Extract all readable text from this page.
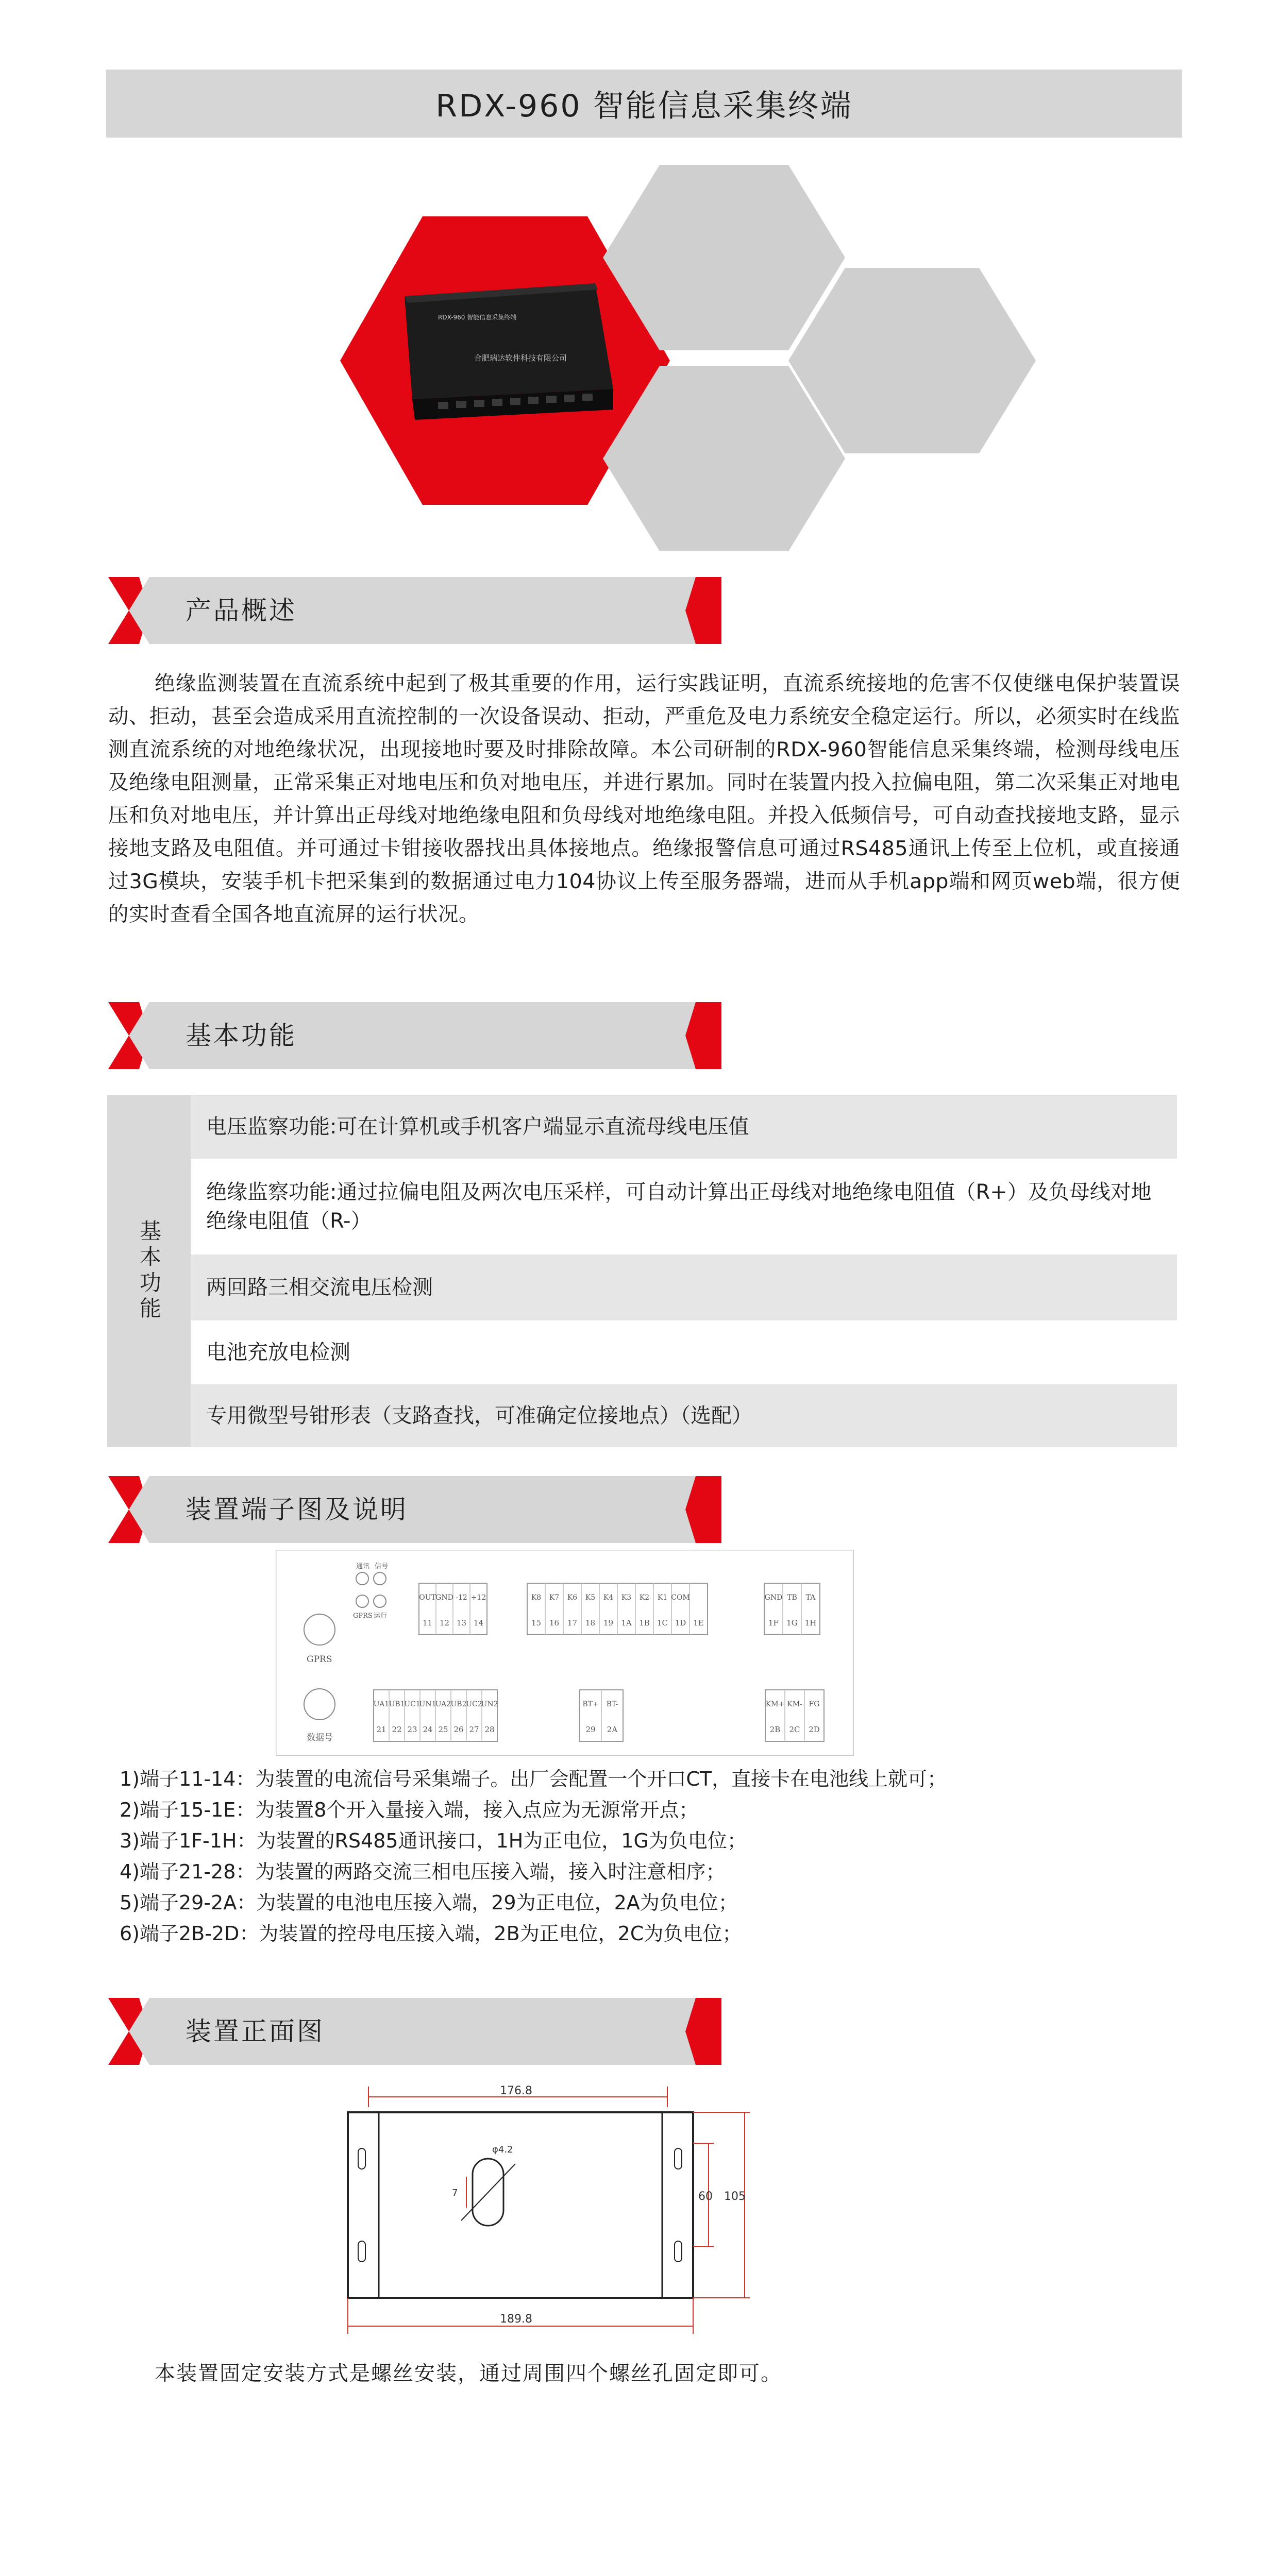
RDX-960 智能信息采集终端
RDX-960 智能信息采集终端
合肥瑞达软件科技有限公司
产品概述

绝缘监测装置在直流系统中起到了极其重要的作用，运行实践证明，直流系统接地的危害不仅使继电保护装置误动、拒动，甚至会造成采用直流控制的一次设备误动、拒动，严重危及电力系统安全稳定运行。所以，必须实时在线监测直流系统的对地绝缘状况，出现接地时要及时排除故障。本公司研制的RDX-960智能信息采集终端，检测母线电压及绝缘电阻测量，正常采集正对地电压和负对地电压，并进行累加。同时在装置内投入拉偏电阻，第二次采集正对地电压和负对地电压，并计算出正母线对地绝缘电阻和负母线对地绝缘电阻。并投入低频信号，可自动查找接地支路，显示接地支路及电阻值。并可通过卡钳接收器找出具体接地点。绝缘报警信息可通过RS485通讯上传至上位机，或直接通过3G模块，安装手机卡把采集到的数据通过电力104协议上传至服务器端，进而从手机app端和网页web端，很方便的实时查看全国各地直流屏的运行状况。

基本功能
基本功能
电压监察功能:可在计算机或手机客户端显示直流母线电压值
绝缘监察功能:通过拉偏电阻及两次电压采样，可自动计算出正母线对地绝缘电阻值（R+）及负母线对地绝缘电阻值（R-）
两回路三相交流电压检测
电池充放电检测
专用微型号钳形表（支路查找，可准确定位接地点）（选配）
装置端子图及说明
通讯 信号
GPRS 运行
GPRS
数据号
OUT GND -12 +12
11 12 13 14
K8 K7 K6 K5 K4 K3 K2 K1 COM
15 16 17 18 19 1A 1B 1C 1D 1E
GND TB TA
1F 1G 1H
UA1 UB1
UC1
UN1
UA2 UB2
UC2
UN2
21 22 23 24 25 26 27 28
BT+ BT-
29 2A
KM+ KM- FG
2B 2C 2D
1)端子11-14：为装置的电流信号采集端子。出厂会配置一个开口CT，直接卡在电池线上就可；
2)端子15-1E：为装置8个开入量接入端，接入点应为无源常开点；
3)端子1F-1H：为装置的RS485通讯接口，1H为正电位，1G为负电位；
4)端子21-28：为装置的两路交流三相电压接入端，接入时注意相序；
5)端子29-2A：为装置的电池电压接入端，29为正电位，2A为负电位；
6)端子2B-2D：为装置的控母电压接入端，2B为正电位，2C为负电位；
装置正面图
176.8
φ4.2
7	60 105
189.8
本装置固定安装方式是螺丝安装，通过周围四个螺丝孔固定即可。
